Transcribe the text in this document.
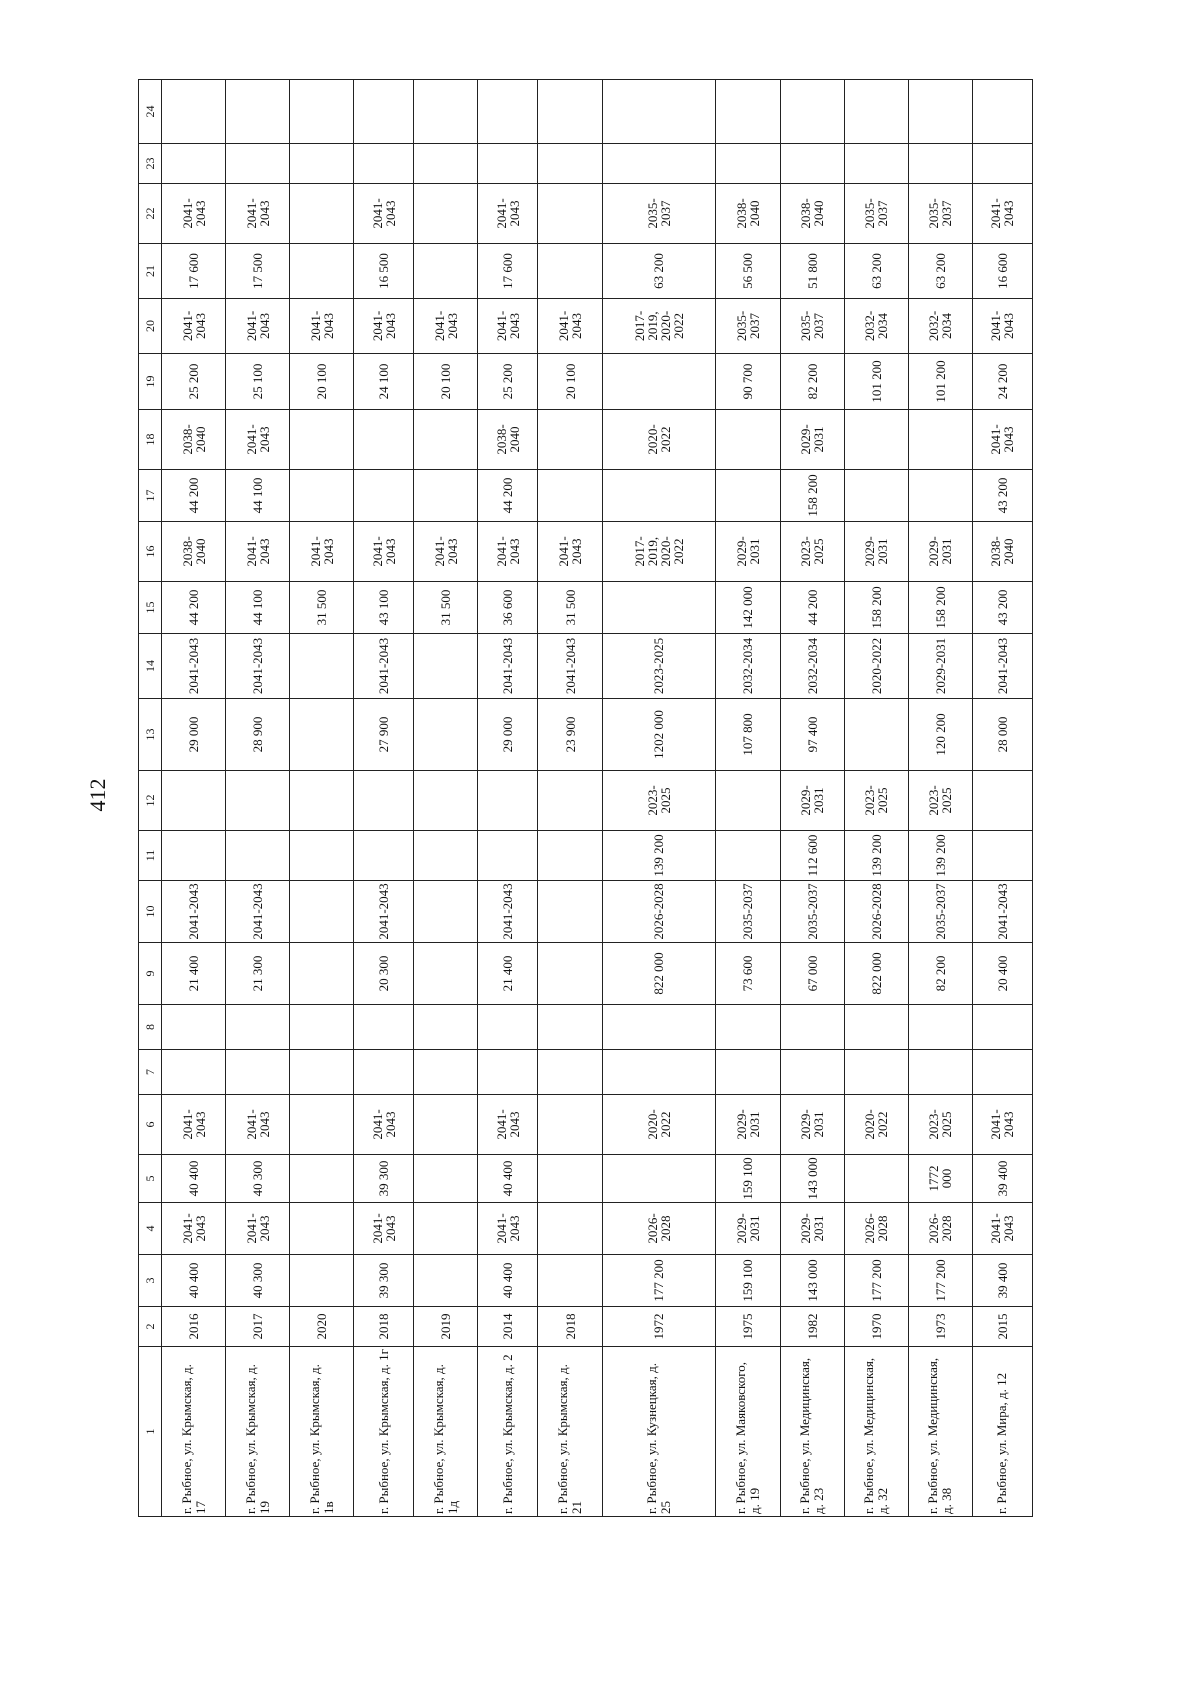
412
1	2	3	4	5	6	7	8	9	10	11	12	13	14	15	16	17	18	19	20	21	22	23	24
г. Рыбное, ул. Крымская, д. 17	2016	40 400	2041-2043	40 400	2041-2043			21 400	2041-2043			29 000	2041-2043	44 200	2038-2040	44 200	2038-2040	25 200	2041-2043	17 600	2041-2043		
г. Рыбное, ул. Крымская, д. 19	2017	40 300	2041-2043	40 300	2041-2043			21 300	2041-2043			28 900	2041-2043	44 100	2041-2043	44 100	2041-2043	25 100	2041-2043	17 500	2041-2043		
г. Рыбное, ул. Крымская, д. 1в	2020													31 500	2041-2043			20 100	2041-2043				
г. Рыбное, ул. Крымская, д. 1г	2018	39 300	2041-2043	39 300	2041-2043			20 300	2041-2043			27 900	2041-2043	43 100	2041-2043			24 100	2041-2043	16 500	2041-2043		
г. Рыбное, ул. Крымская, д. 1д	2019													31 500	2041-2043			20 100	2041-2043				
г. Рыбное, ул. Крымская, д. 2	2014	40 400	2041-2043	40 400	2041-2043			21 400	2041-2043			29 000	2041-2043	36 600	2041-2043	44 200	2038-2040	25 200	2041-2043	17 600	2041-2043		
г. Рыбное, ул. Крымская, д. 21	2018											23 900	2041-2043	31 500	2041-2043			20 100	2041-2043				
г. Рыбное, ул. Кузнецкая, д. 25	1972	177 200	2026-2028		2020-2022			822 000	2026-2028	139 200	2023-2025	1202 000	2023-2025		2017-2019, 2020-2022		2020-2022		2017-2019, 2020-2022	63 200	2035-2037		
г. Рыбное, ул. Маяковского, д. 19	1975	159 100	2029-2031	159 100	2029-2031			73 600	2035-2037			107 800	2032-2034	142 000	2029-2031			90 700	2035-2037	56 500	2038-2040		
г. Рыбное, ул. Медицинская, д. 23	1982	143 000	2029-2031	143 000	2029-2031			67 000	2035-2037	112 600	2029-2031	97 400	2032-2034	44 200	2023-2025	158 200	2029-2031	82 200	2035-2037	51 800	2038-2040		
г. Рыбное, ул. Медицинская, д. 32	1970	177 200	2026-2028		2020-2022			822 000	2026-2028	139 200	2023-2025		2020-2022	158 200	2029-2031			101 200	2032-2034	63 200	2035-2037		
г. Рыбное, ул. Медицинская, д. 38	1973	177 200	2026-2028	1772 000	2023-2025			82 200	2035-2037	139 200	2023-2025	120 200	2029-2031	158 200	2029-2031			101 200	2032-2034	63 200	2035-2037		
г. Рыбное, ул. Мира, д. 12	2015	39 400	2041-2043	39 400	2041-2043			20 400	2041-2043			28 000	2041-2043	43 200	2038-2040	43 200	2041-2043	24 200	2041-2043	16 600	2041-2043		
